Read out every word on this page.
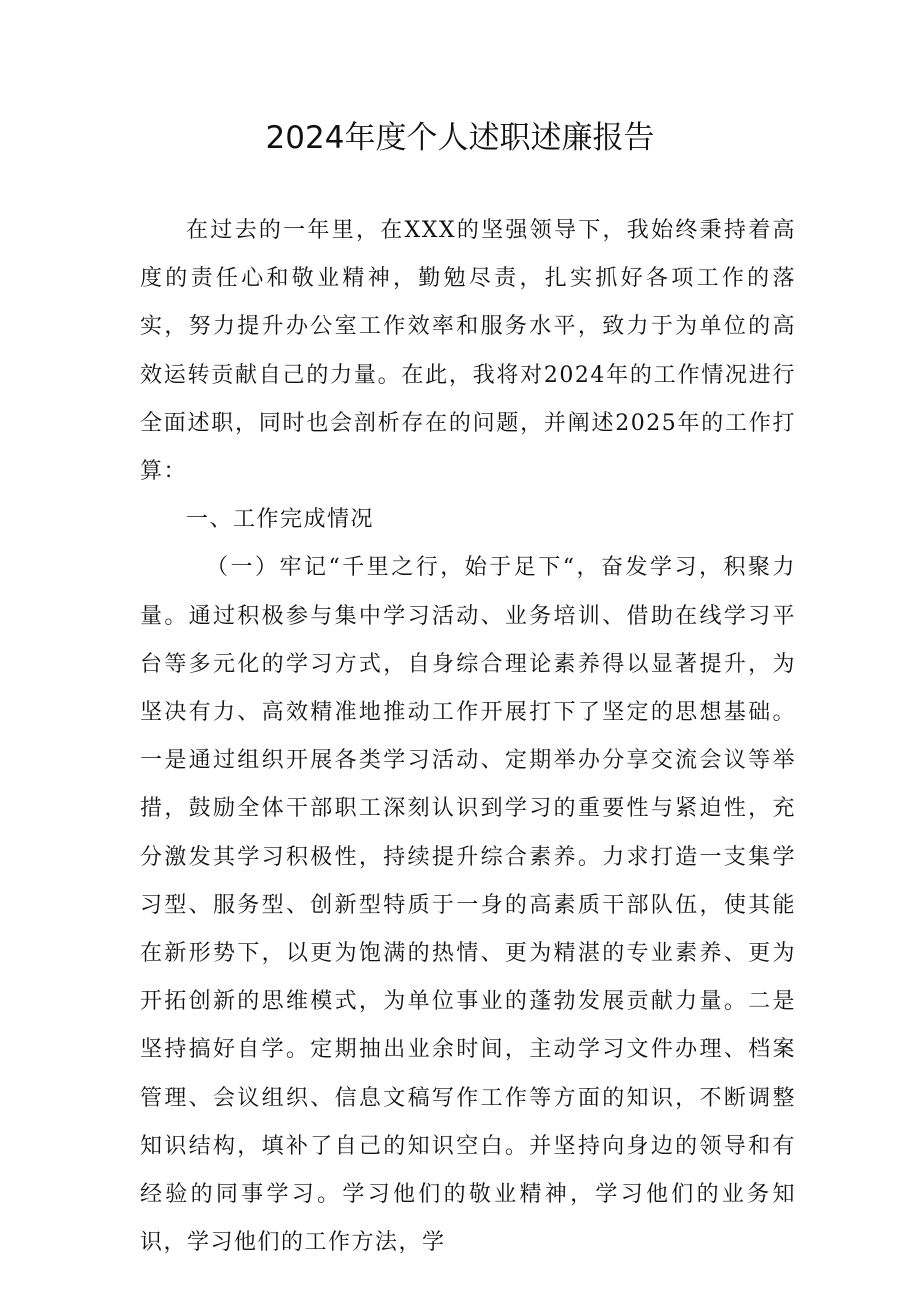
2024年度个人述职述廉报告

在过去的一年里，在XXX的坚强领导下，我始终秉持着高度的责任心和敬业精神，勤勉尽责，扎实抓好各项工作的落实，努力提升办公室工作效率和服务水平，致力于为单位的高效运转贡献自己的力量。在此，我将对2024年的工作情况进行全面述职，同时也会剖析存在的问题，并阐述2025年的工作打算：

一、工作完成情况

（一）牢记“千里之行，始于足下“，奋发学习，积聚力量。通过积极参与集中学习活动、业务培训、借助在线学习平台等多元化的学习方式，自身综合理论素养得以显著提升，为坚决有力、高效精准地推动工作开展打下了坚定的思想基础。一是通过组织开展各类学习活动、定期举办分享交流会议等举措，鼓励全体干部职工深刻认识到学习的重要性与紧迫性，充分激发其学习积极性，持续提升综合素养。力求打造一支集学习型、服务型、创新型特质于一身的高素质干部队伍，使其能在新形势下，以更为饱满的热情、更为精湛的专业素养、更为开拓创新的思维模式，为单位事业的蓬勃发展贡献力量。二是坚持搞好自学。定期抽出业余时间，主动学习文件办理、档案管理、会议组织、信息文稿写作工作等方面的知识，不断调整知识结构，填补了自己的知识空白。并坚持向身边的领导和有经验的同事学习。学习他们的敬业精神，学习他们的业务知识，学习他们的工作方法，学
